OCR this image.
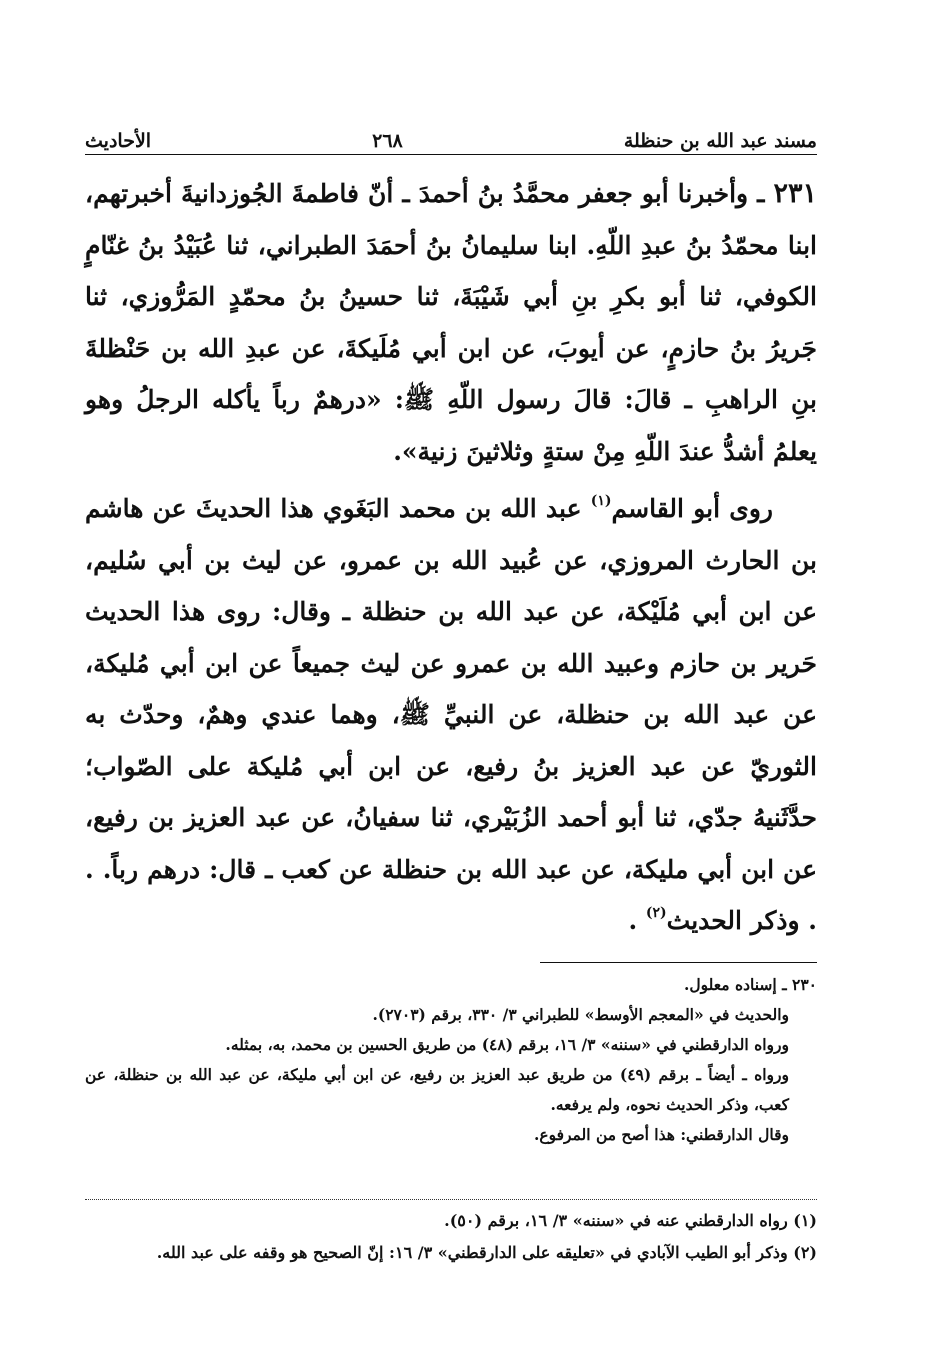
مسند عبد الله بن حنظلة
٢٦٨
الأحاديث

٢٣١ ـ وأخبرنا أبو جعفر محمَّدُ بنُ أحمدَ ـ أنّ فاطمةَ الجُوزدانيةَ أخبرتهم، ابنا محمّدُ بنُ عبدِ اللّهِ. ابنا سليمانُ بنُ أحمَدَ الطبراني، ثنا عُبَيْدُ بنُ غنّامٍ الكوفي، ثنا أبو بكرِ بنِ أبي شَيْبَةَ، ثنا حسينُ بنُ محمّدٍ المَرُّوزي، ثنا جَريرُ بنُ حازمٍ، عن أيوبَ، عن ابن أبي مُلَيكةَ، عن عبدِ الله بن حَنْظلةَ بنِ الراهبِ ـ قالَ: قالَ رسول اللّهِ ﷺ: «درهمٌ رباً يأكله الرجلُ وهو يعلمُ أشدُّ عندَ اللّهِ مِنْ ستةٍ وثلاثينَ زنية».

روى أبو القاسم$^{(١)}$ عبد الله بن محمد البَغَوي هذا الحديثَ عن هاشم بن الحارث المروزي، عن عُبيد الله بن عمرو، عن ليث بن أبي سُليم، عن ابن أبي مُلَيْكة، عن عبد الله بن حنظلة ـ وقال: روى هذا الحديث حَرير بن حازم وعبيد الله بن عمرو عن ليث جميعاً عن ابن أبي مُليكة، عن عبد الله بن حنظلة، عن النبيِّ ﷺ، وهما عندي وهمٌ، وحدّث به الثوريّ عن عبد العزيز بنُ رفيع، عن ابن أبي مُليكة على الصّواب؛ حدَّثَنيهُ جدّي، ثنا أبو أحمد الزُبَيْري، ثنا سفيانُ، عن عبد العزيز بن رفيع، عن ابن أبي مليكة، عن عبد الله بن حنظلة عن كعب ـ قال: درهم رباً. . . وذكر الحديث$^{(٢)}$ .

٢٣٠ ـ إسناده معلول.

والحديث في «المعجم الأوسط» للطبراني ٣/ ٣٣٠، برقم (٢٧٠٣).

ورواه الدارقطني في «سننه» ٣/ ١٦، برقم (٤٨) من طريق الحسين بن محمد، به، بمثله.

ورواه ـ أيضاً ـ برقم (٤٩) من طريق عبد العزيز بن رفيع، عن ابن أبي مليكة، عن عبد الله بن حنظلة، عن كعب، وذكر الحديث نحوه، ولم يرفعه.

وقال الدارقطني: هذا أصح من المرفوع.

(١) رواه الدارقطني عنه في «سننه» ٣/ ١٦، برقم (٥٠).

(٢) وذكر أبو الطيب الآبادي في «تعليقه على الدارقطني» ٣/ ١٦: إنّ الصحيح هو وقفه على عبد الله.
